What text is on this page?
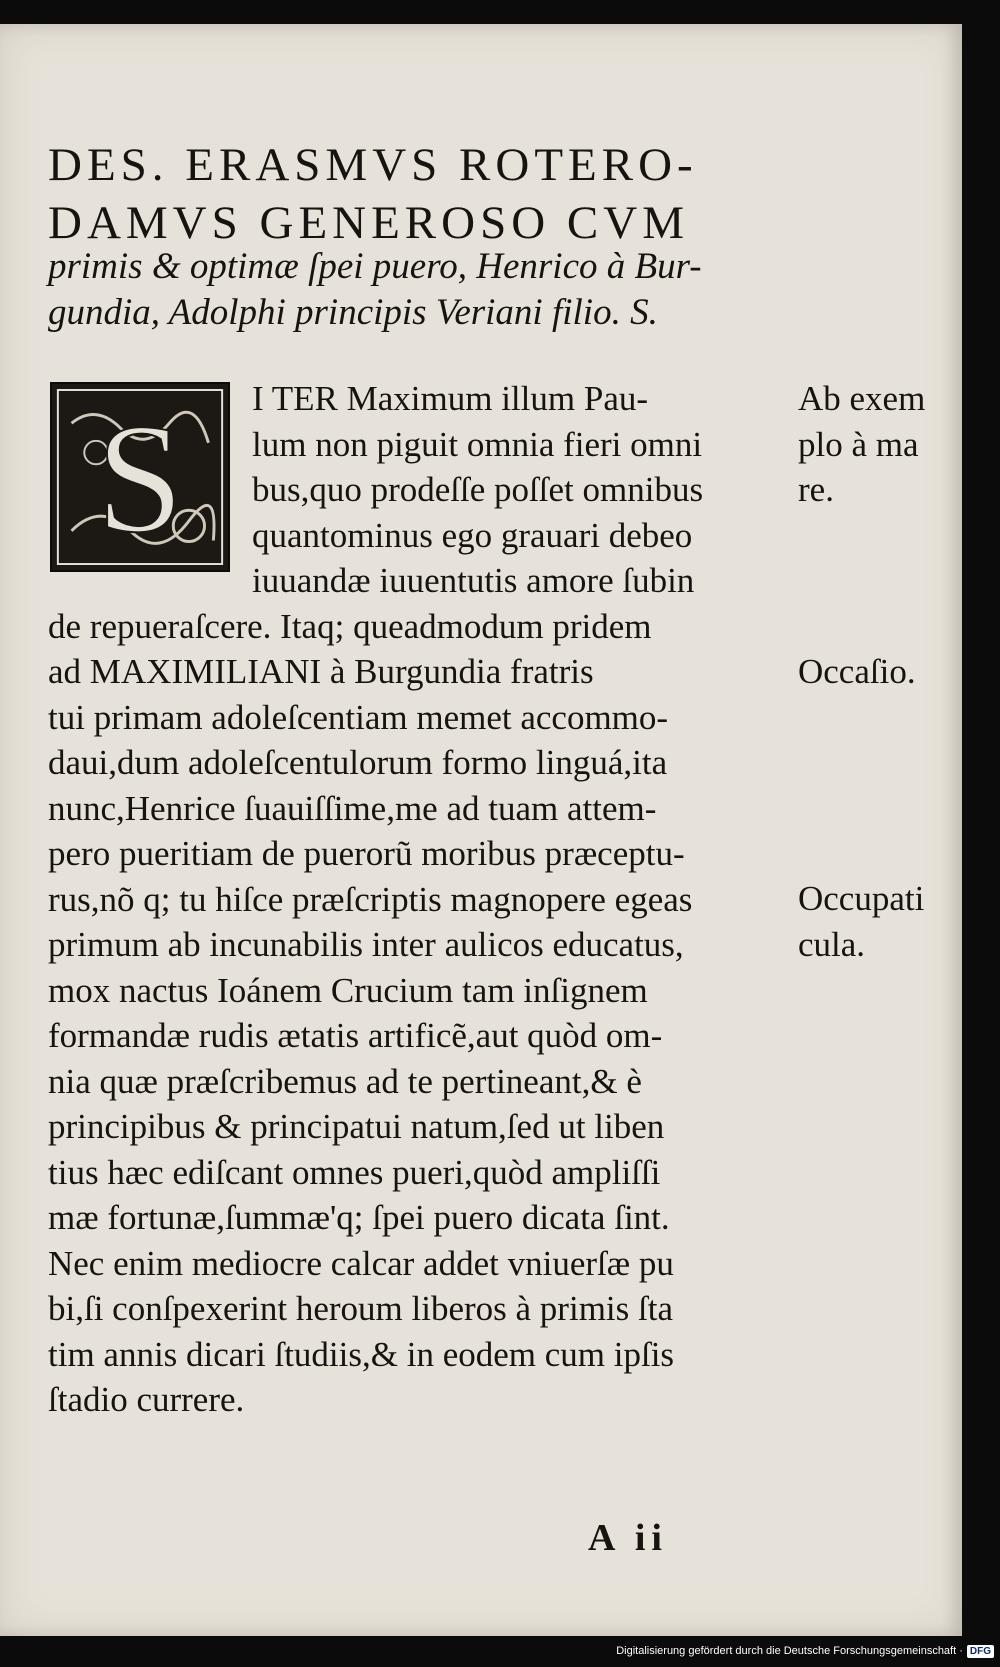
DES. ERASMVS ROTERO-
DAMVS GENEROSO CVM
primis & optimæ ſpei puero, Henrico à Bur-
gundia, Adolphi principis Veriani filio. S.
S	I TER Maximum illum Pau-
lum non piguit omnia fieri omni
bus,quo prodeſſe poſſet omnibus
quantominus ego grauari debeo
iuuandæ iuuentutis amore ſubin
de repueraſcere. Itaq; queadmodum pridem
ad MAXIMILIANI à Burgundia fratris
tui primam adoleſcentiam memet accommo-
daui,dum adoleſcentulorum formo linguá,ita
nunc,Henrice ſuauiſſime,me ad tuam attem-
pero pueritiam de puerorũ moribus præceptu-
rus,nõ q; tu hiſce præſcriptis magnopere egeas
primum ab incunabilis inter aulicos educatus,
mox nactus Ioánem Crucium tam inſignem
formandæ rudis ætatis artificẽ,aut quòd om-
nia quæ præſcribemus ad te pertineant,& è
principibus & principatui natum,ſed ut liben
tius hæc ediſcant omnes pueri,quòd ampliſſi
mæ fortunæ,ſummæ'q; ſpei puero dicata ſint.
Nec enim mediocre calcar addet vniuerſæ pu
bi,ſi conſpexerint heroum liberos à primis ſta
tim annis dicari ſtudiis,& in eodem cum ipſis
ſtadio currere.
Ab exem
plo à ma
re.
Occaſio.
Occupati
cula.
A ii
Digitalisierung gefördert durch die Deutsche Forschungsgemeinschaft · DFG
